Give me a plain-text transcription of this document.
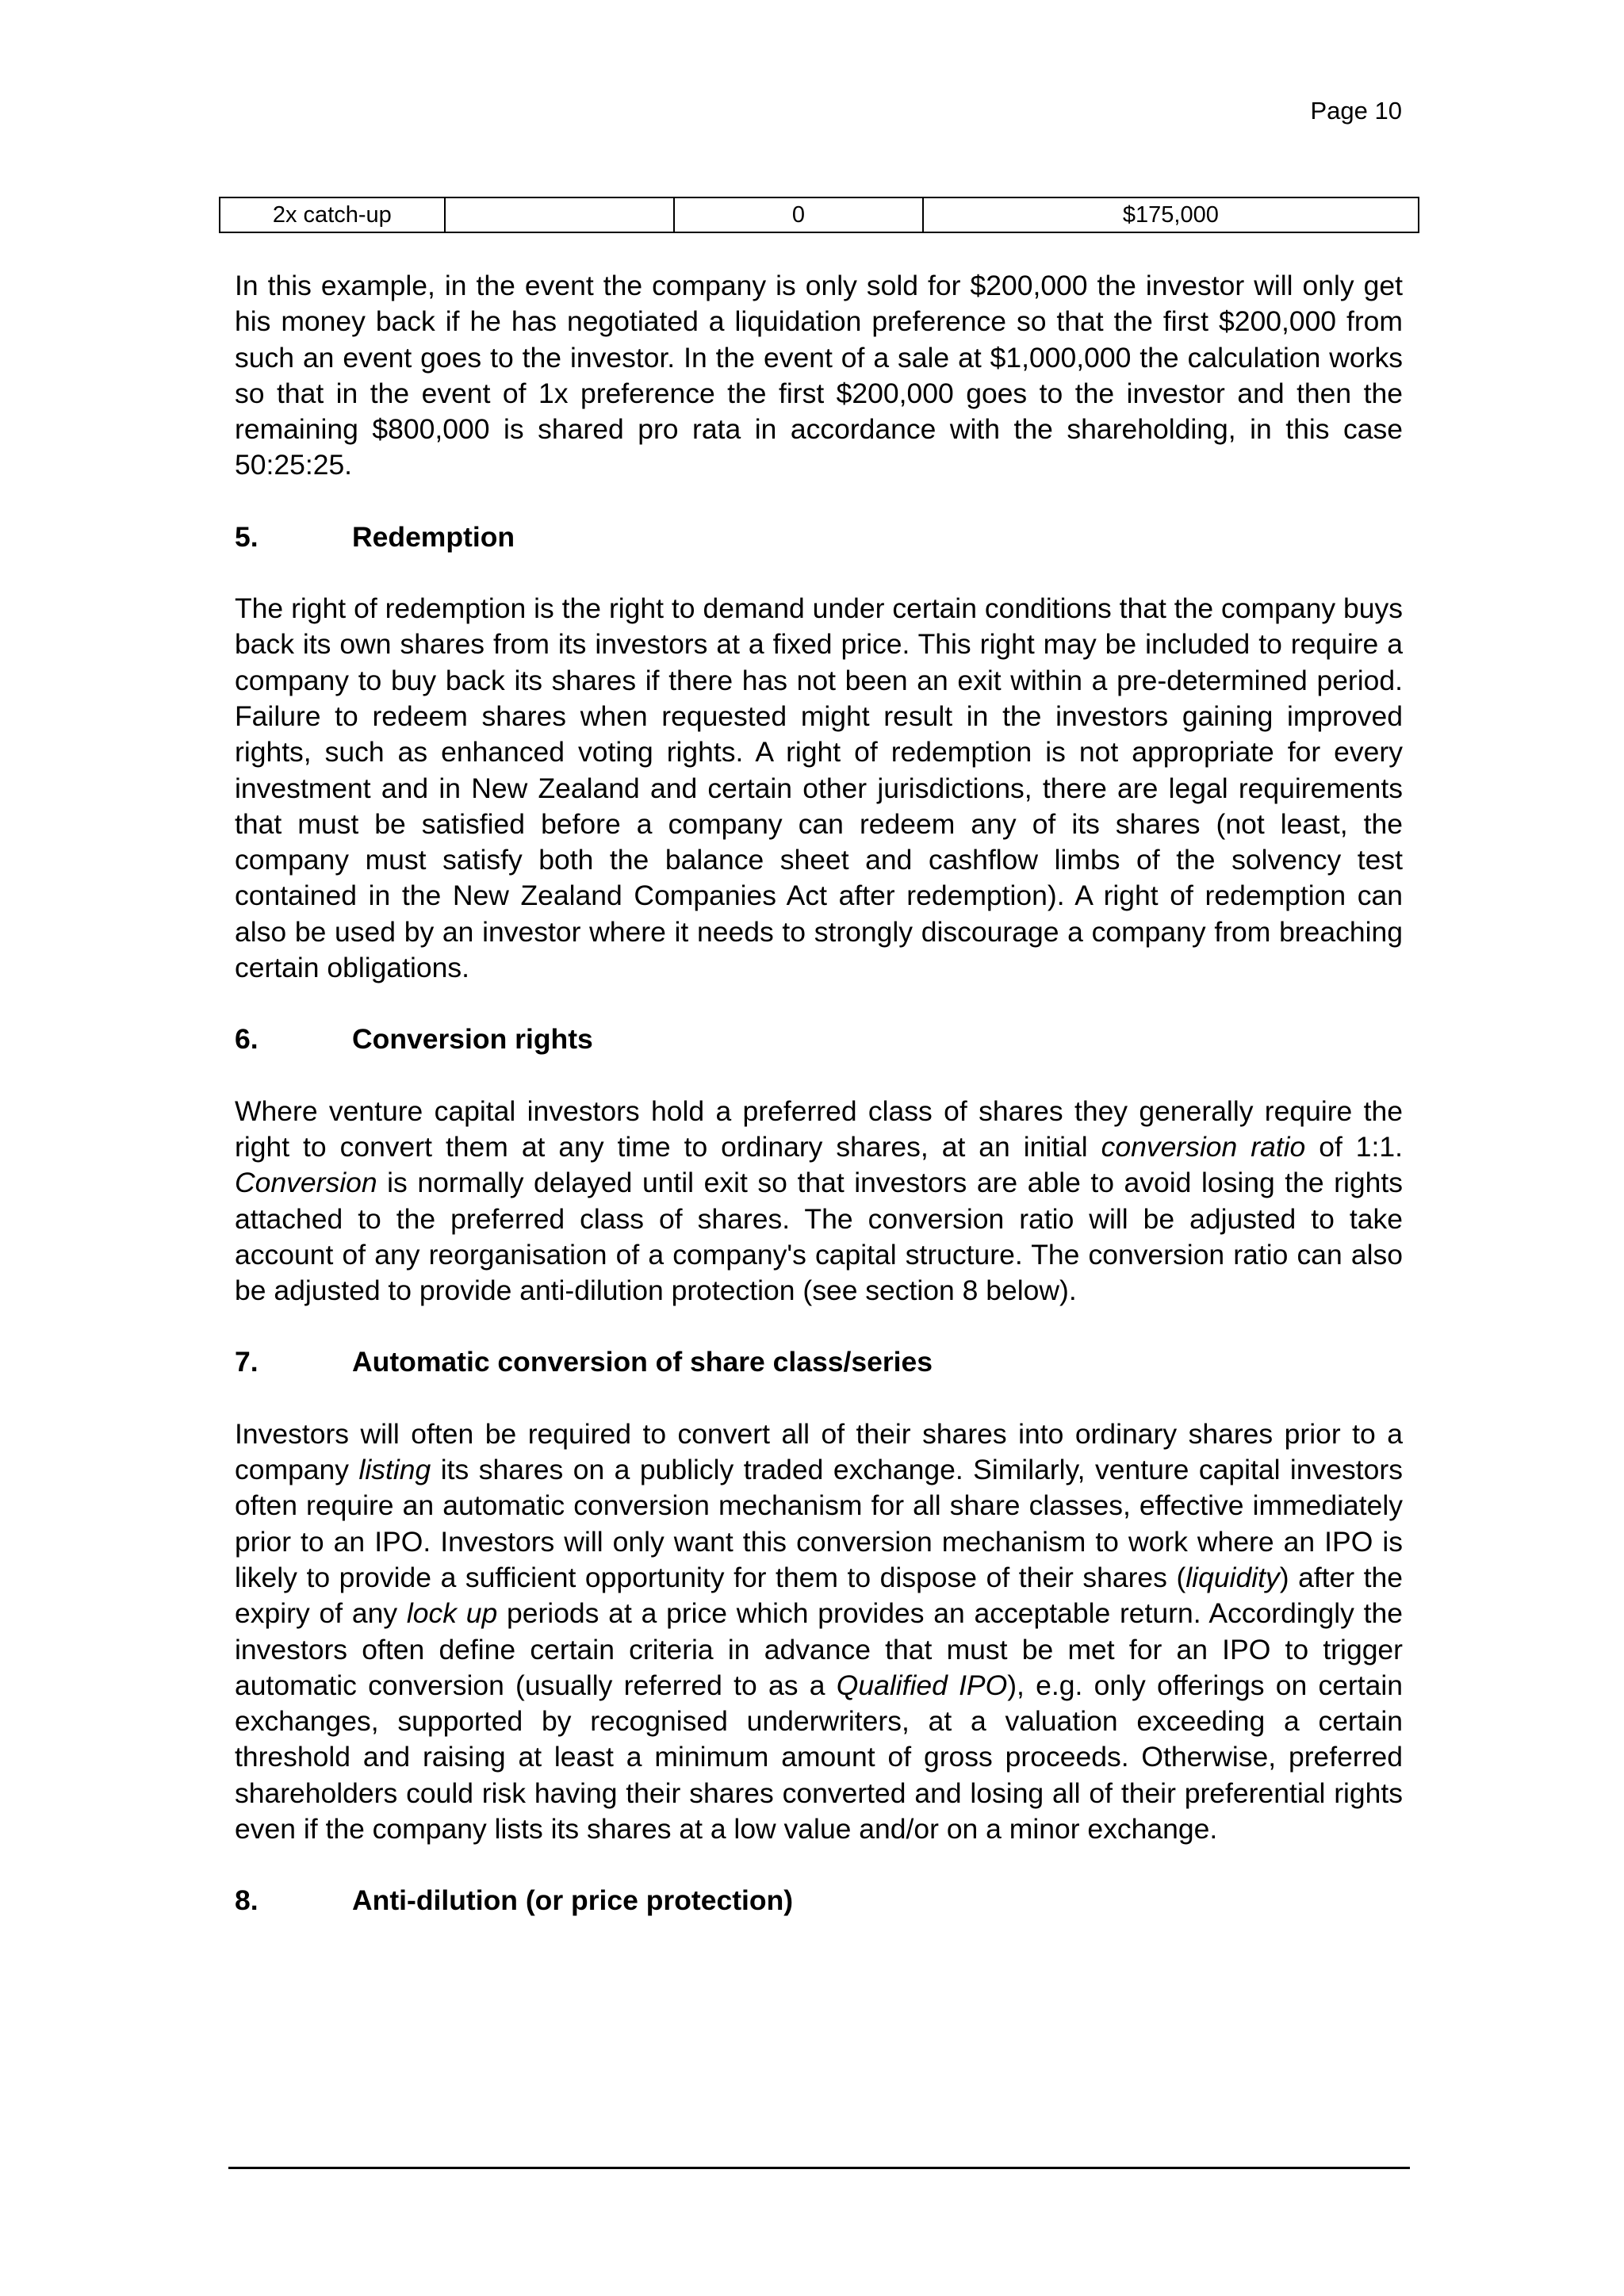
Page 10
2x catch-up		0	$175,000

In this example, in the event the company is only sold for $200,000 the investor will only get his money back if he has negotiated a liquidation preference so that the first $200,000 from such an event goes to the investor. In the event of a sale at $1,000,000 the calculation works so that in the event of 1x preference the first $200,000 goes to the investor and then the remaining $800,000 is shared pro rata in accordance with the shareholding, in this case 50:25:25.

5.	Redemption

The right of redemption is the right to demand under certain conditions that the company buys back its own shares from its investors at a fixed price. This right may be included to require a company to buy back its shares if there has not been an exit within a pre-determined period. Failure to redeem shares when requested might result in the investors gaining improved rights, such as enhanced voting rights. A right of redemption is not appropriate for every investment and in New Zealand and certain other jurisdictions, there are legal requirements that must be satisfied before a company can redeem any of its shares (not least, the company must satisfy both the balance sheet and cashflow limbs of the solvency test contained in the New Zealand Companies Act after redemption). A right of redemption can also be used by an investor where it needs to strongly discourage a company from breaching certain obligations.

6.	Conversion rights

Where venture capital investors hold a preferred class of shares they generally require the right to convert them at any time to ordinary shares, at an initial conversion ratio of 1:1. Conversion is normally delayed until exit so that investors are able to avoid losing the rights attached to the preferred class of shares. The conversion ratio will be adjusted to take account of any reorganisation of a company's capital structure. The conversion ratio can also be adjusted to provide anti-dilution protection (see section 8 below).

7.	Automatic conversion of share class/series

Investors will often be required to convert all of their shares into ordinary shares prior to a company listing its shares on a publicly traded exchange. Similarly, venture capital investors often require an automatic conversion mechanism for all share classes, effective immediately prior to an IPO. Investors will only want this conversion mechanism to work where an IPO is likely to provide a sufficient opportunity for them to dispose of their shares (liquidity) after the expiry of any lock up periods at a price which provides an acceptable return. Accordingly the investors often define certain criteria in advance that must be met for an IPO to trigger automatic conversion (usually referred to as a Qualified IPO), e.g. only offerings on certain exchanges, supported by recognised underwriters, at a valuation exceeding a certain threshold and raising at least a minimum amount of gross proceeds. Otherwise, preferred shareholders could risk having their shares converted and losing all of their preferential rights even if the company lists its shares at a low value and/or on a minor exchange.

8.	Anti-dilution (or price protection)
